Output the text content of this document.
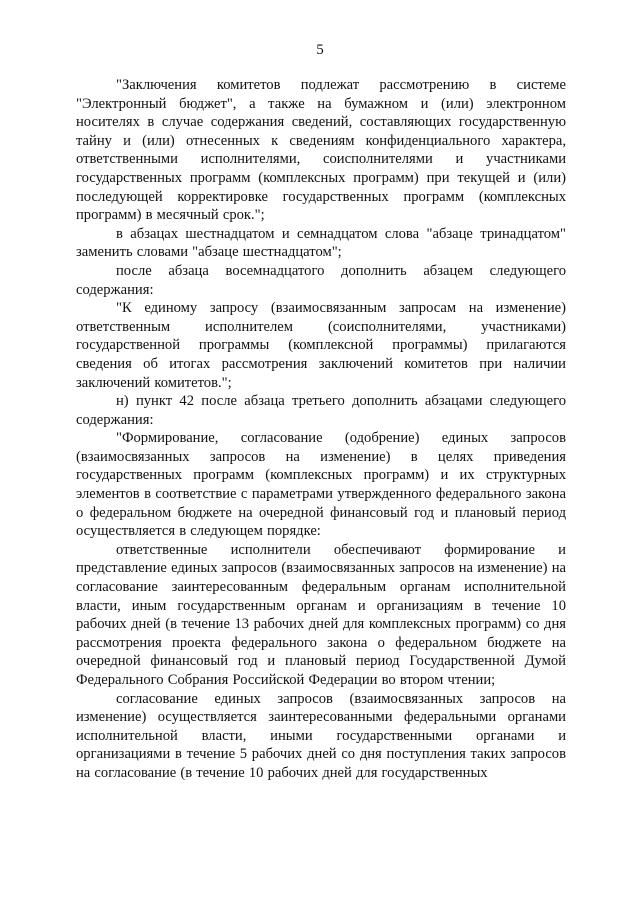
5

"Заключения комитетов подлежат рассмотрению в системе "Электронный бюджет", а также на бумажном и (или) электронном носителях в случае содержания сведений, составляющих государственную тайну и (или) отнесенных к сведениям конфиденциального характера, ответственными исполнителями, соисполнителями и участниками государственных программ (комплексных программ) при текущей и (или) последующей корректировке государственных программ (комплексных программ) в месячный срок.";

в абзацах шестнадцатом и семнадцатом слова "абзаце тринадцатом" заменить словами "абзаце шестнадцатом";

после абзаца восемнадцатого дополнить абзацем следующего содержания:

"К единому запросу (взаимосвязанным запросам на изменение) ответственным исполнителем (соисполнителями, участниками) государственной программы (комплексной программы) прилагаются сведения об итогах рассмотрения заключений комитетов при наличии заключений комитетов.";

н) пункт 42 после абзаца третьего дополнить абзацами следующего содержания:

"Формирование, согласование (одобрение) единых запросов (взаимосвязанных запросов на изменение) в целях приведения государственных программ (комплексных программ) и их структурных элементов в соответствие с параметрами утвержденного федерального закона о федеральном бюджете на очередной финансовый год и плановый период осуществляется в следующем порядке:

ответственные исполнители обеспечивают формирование и представление единых запросов (взаимосвязанных запросов на изменение) на согласование заинтересованным федеральным органам исполнительной власти, иным государственным органам и организациям в течение 10 рабочих дней (в течение 13 рабочих дней для комплексных программ) со дня рассмотрения проекта федерального закона о федеральном бюджете на очередной финансовый год и плановый период Государственной Думой Федерального Собрания Российской Федерации во втором чтении;

согласование единых запросов (взаимосвязанных запросов на изменение) осуществляется заинтересованными федеральными органами исполнительной власти, иными государственными органами и организациями в течение 5 рабочих дней со дня поступления таких запросов на согласование (в течение 10 рабочих дней для государственных
